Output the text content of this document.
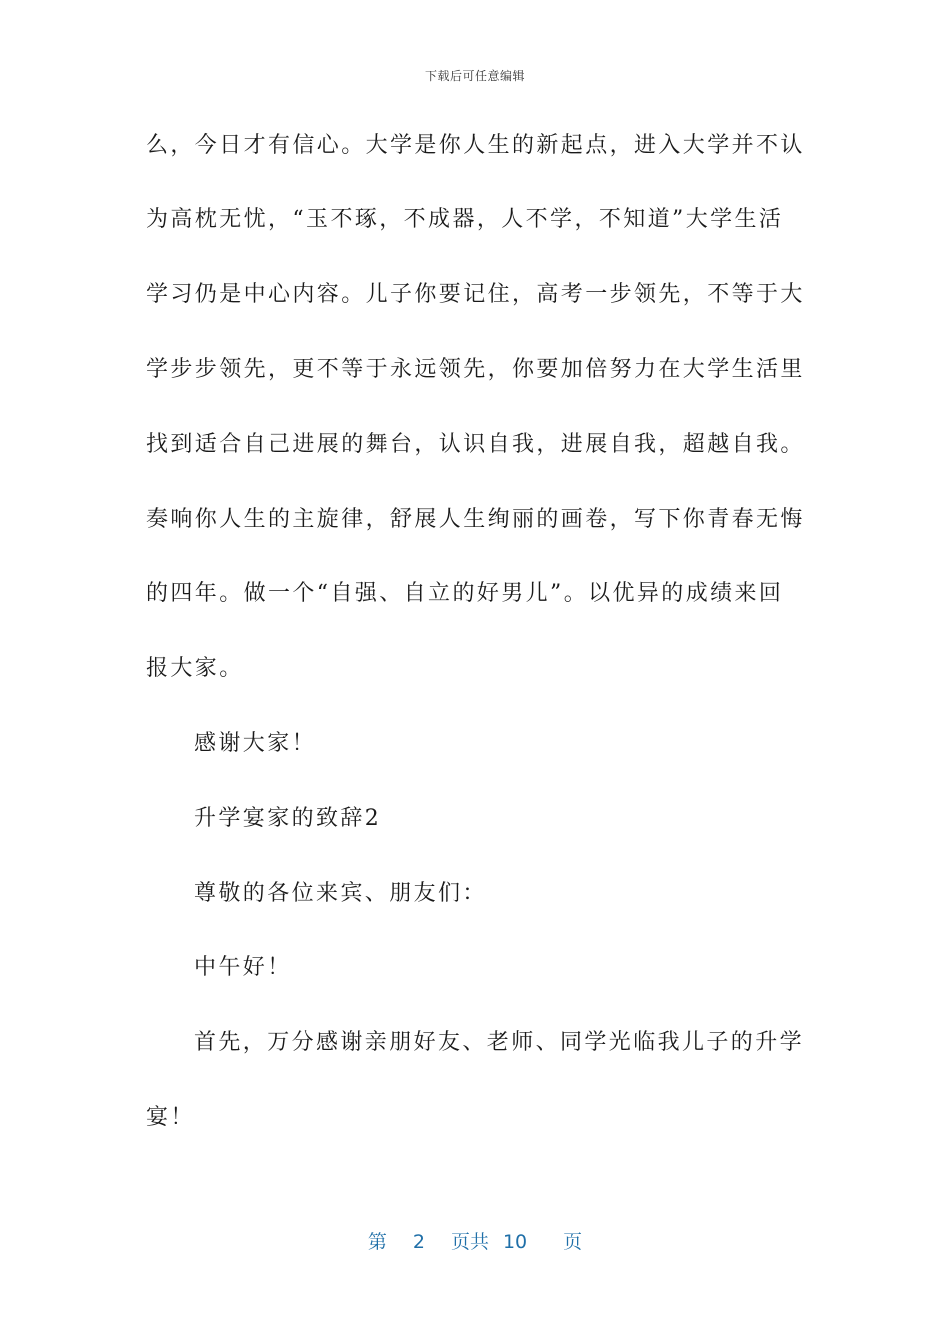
下载后可任意编辑
么，今日才有信心。大学是你人生的新起点，进入大学并不认
为高枕无忧，“玉不琢，不成器，人不学，不知道”大学生活
学习仍是中心内容。儿子你要记住，高考一步领先，不等于大
学步步领先，更不等于永远领先，你要加倍努力在大学生活里
找到适合自己进展的舞台，认识自我，进展自我，超越自我。
奏响你人生的主旋律，舒展人生绚丽的画卷，写下你青春无悔
的四年。做一个“自强、自立的好男儿”。以优异的成绩来回
报大家。
感谢大家！
升学宴家的致辞2
尊敬的各位来宾、朋友们：
中午好！
首先，万分感谢亲朋好友、老师、同学光临我儿子的升学
宴！
第 2 页共 10 页
